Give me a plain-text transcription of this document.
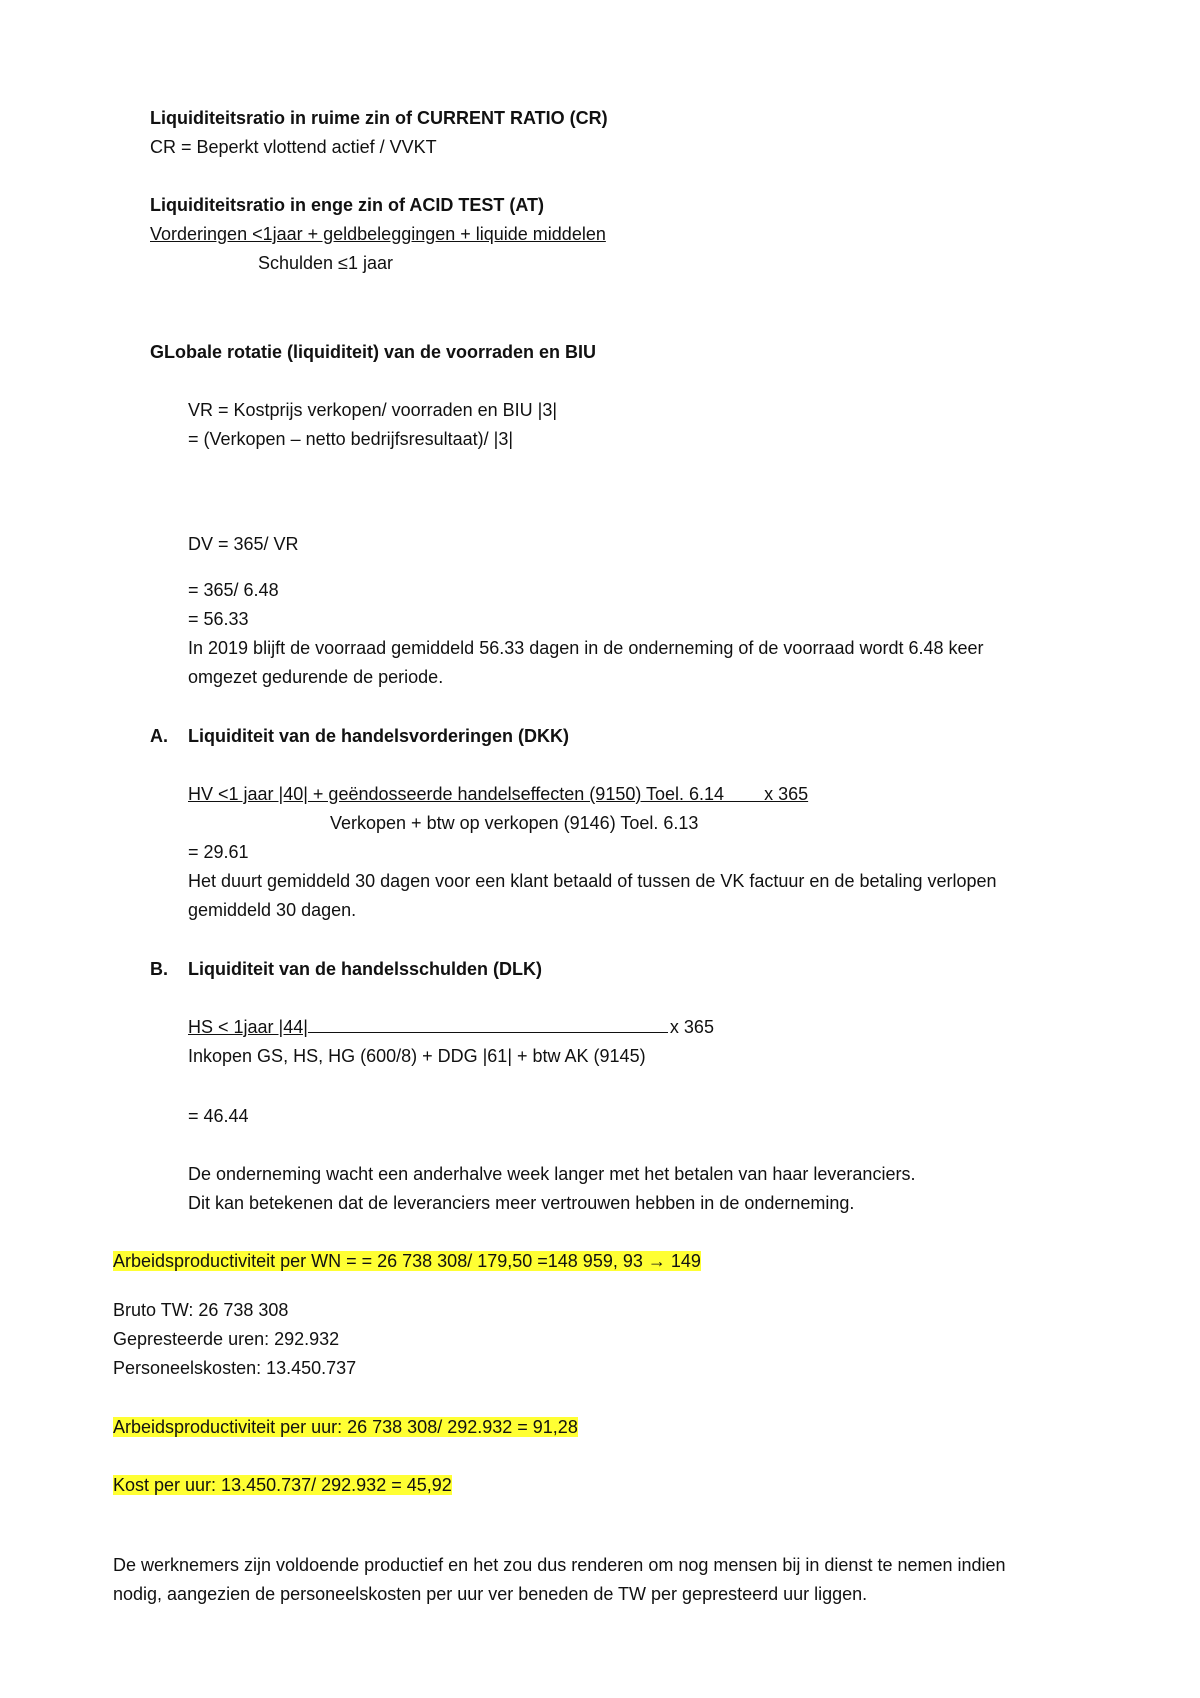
Liquiditeitsratio in ruime zin of CURRENT RATIO (CR)
CR = Beperkt vlottend actief / VVKT
Liquiditeitsratio in enge zin of ACID TEST (AT)
Vorderingen <1jaar + geldbeleggingen + liquide middelen
Schulden ≤1 jaar
GLobale rotatie (liquiditeit) van de voorraden en BIU
VR = Kostprijs verkopen/ voorraden en BIU |3|
= (Verkopen – netto bedrijfsresultaat)/ |3|
DV = 365/ VR
= 365/ 6.48
= 56.33
In 2019 blijft de voorraad gemiddeld 56.33 dagen in de onderneming of de voorraad wordt 6.48 keer
omgezet gedurende de periode.
A. Liquiditeit van de handelsvorderingen (DKK)
HV <1 jaar |40| + geëndosseerde handelseffecten (9150) Toel. 6.14        x 365
Verkopen + btw op verkopen (9146) Toel. 6.13
= 29.61
Het duurt gemiddeld 30 dagen voor een klant betaald of tussen de VK factuur en de betaling verlopen
gemiddeld 30 dagen.
B. Liquiditeit van de handelsschulden (DLK)
HS < 1jaar |44|	x 365
Inkopen GS, HS, HG (600/8) + DDG |61| + btw AK (9145)
= 46.44
De onderneming wacht een anderhalve week langer met het betalen van haar leveranciers.
Dit kan betekenen dat de leveranciers meer vertrouwen hebben in de onderneming.
Arbeidsproductiviteit per WN = = 26 738 308/ 179,50 =148 959, 93 → 149
Bruto TW: 26 738 308
Gepresteerde uren: 292.932
Personeelskosten: 13.450.737
Arbeidsproductiviteit per uur: 26 738 308/ 292.932 = 91,28
Kost per uur: 13.450.737/ 292.932 = 45,92
De werknemers zijn voldoende productief en het zou dus renderen om nog mensen bij in dienst te nemen indien
nodig, aangezien de personeelskosten per uur ver beneden de TW per gepresteerd uur liggen.
